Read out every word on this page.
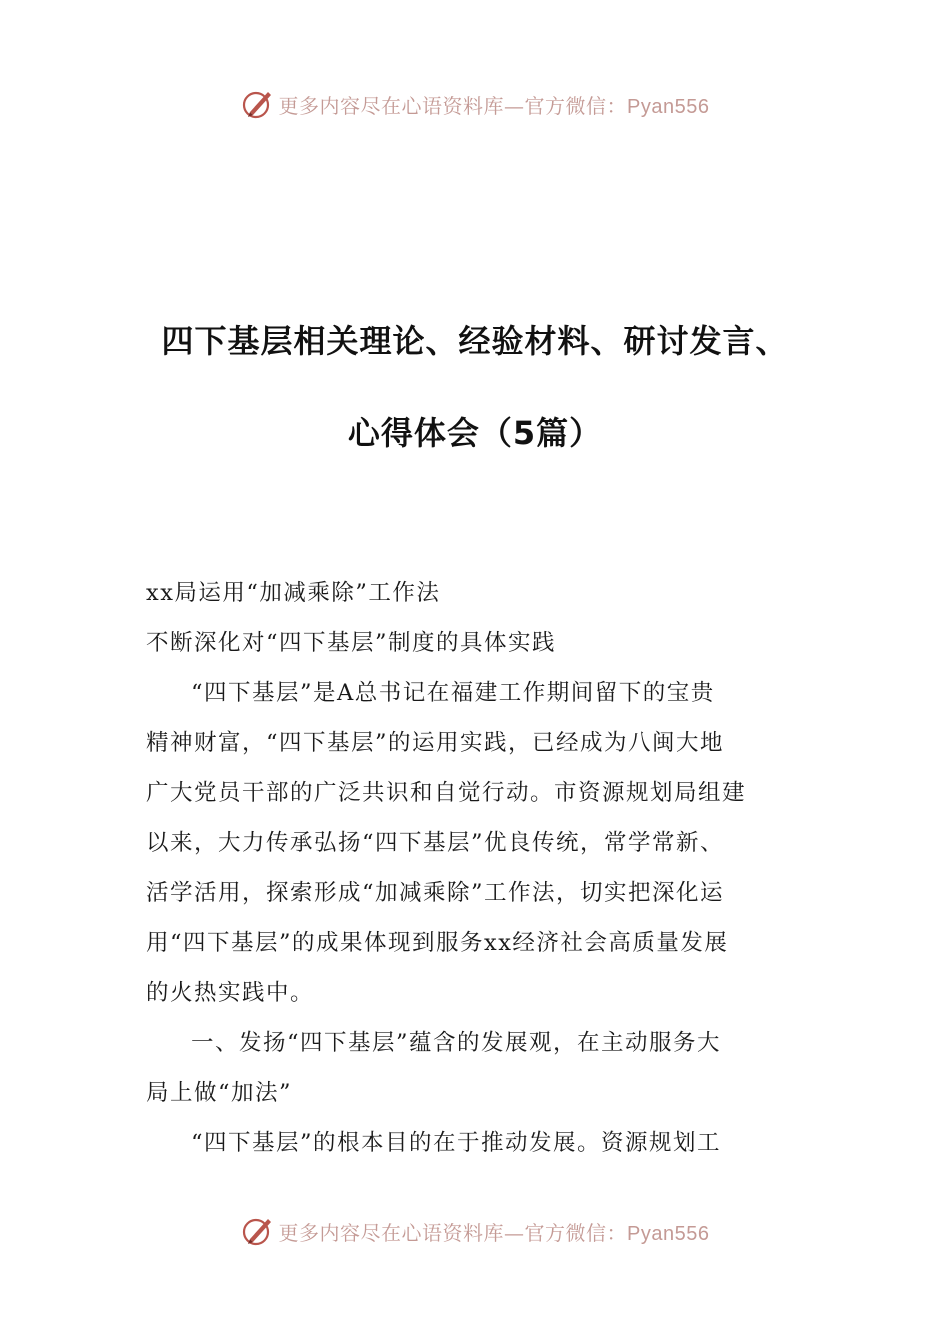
更多内容尽在心语资料库—官方微信：Pyan556
四下基层相关理论、经验材料、研讨发言、
心得体会（5篇）

xx局运用“加减乘除”工作法

不断深化对“四下基层”制度的具体实践

“四下基层”是A总书记在福建工作期间留下的宝贵

精神财富，“四下基层”的运用实践，已经成为八闽大地

广大党员干部的广泛共识和自觉行动。市资源规划局组建

以来，大力传承弘扬“四下基层”优良传统，常学常新、

活学活用，探索形成“加减乘除”工作法，切实把深化运

用“四下基层”的成果体现到服务xx经济社会高质量发展

的火热实践中。

一、发扬“四下基层”蕴含的发展观，在主动服务大

局上做“加法”

“四下基层”的根本目的在于推动发展。资源规划工

更多内容尽在心语资料库—官方微信：Pyan556
